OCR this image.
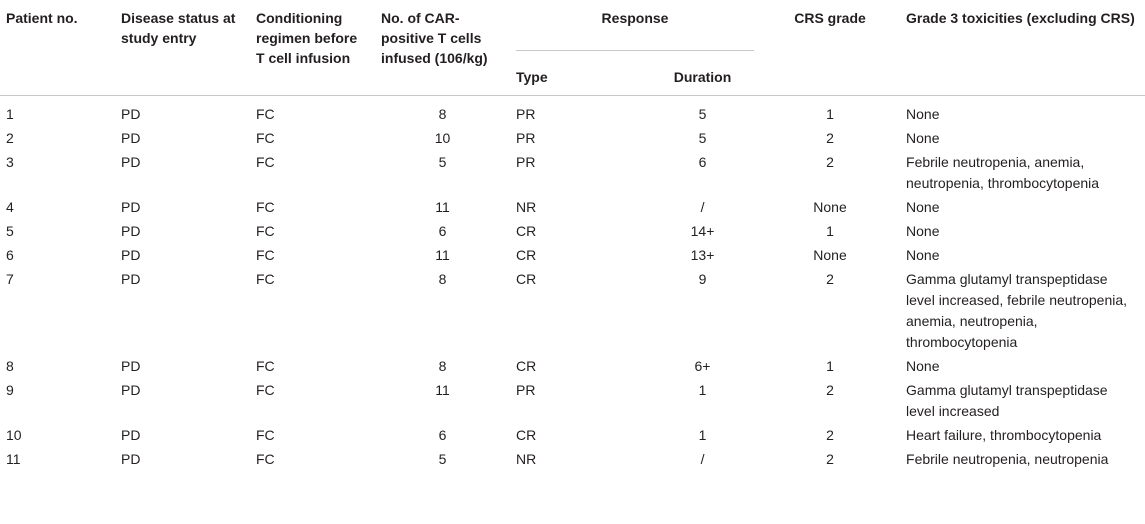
Patient no.	Disease status at study entry	Conditioning regimen before T cell infusion	No. of CAR-positive T cells infused (106/kg)	Response		CRS grade	Grade 3 toxicities (excluding CRS)
				Type	Duration		

1	PD	FC	8	PR	5	1	None
2	PD	FC	10	PR	5	2	None
3	PD	FC	5	PR	6	2	Febrile neutropenia, anemia, neutropenia, thrombocytopenia
4	PD	FC	11	NR	/	None	None
5	PD	FC	6	CR	14+	1	None
6	PD	FC	11	CR	13+	None	None
7	PD	FC	8	CR	9	2	Gamma glutamyl transpeptidase level increased, febrile neutropenia, anemia, neutropenia, thrombocytopenia
8	PD	FC	8	CR	6+	1	None
9	PD	FC	11	PR	1	2	Gamma glutamyl transpeptidase level increased
10	PD	FC	6	CR	1	2	Heart failure, thrombocytopenia
11	PD	FC	5	NR	/	2	Febrile neutropenia, neutropenia
